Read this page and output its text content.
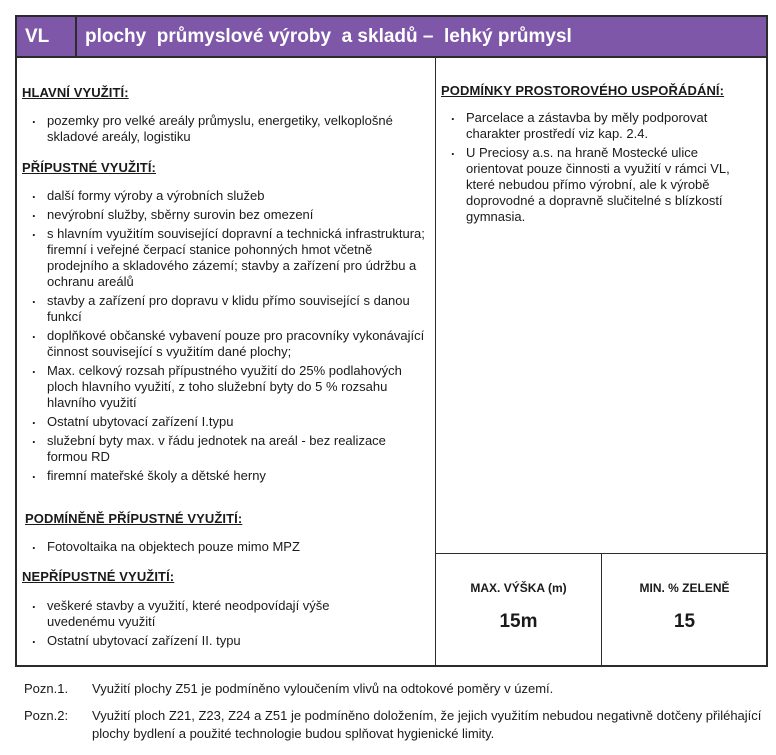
VL	plochy  průmyslové výroby  a skladů –  lehký průmysl
HLAVNÍ VYUŽITÍ:
. pozemky pro velké areály průmyslu, energetiky, velkoplošné skladové areály, logistiku
PŘÍPUSTNÉ VYUŽITÍ:
. další formy výroby a výrobních služeb
. nevýrobní služby, sběrny surovin bez omezení
. s hlavním využitím související dopravní a technická infrastruktura; firemní i veřejné čerpací stanice pohonných hmot včetně prodejního a skladového zázemí; stavby a zařízení pro údržbu a ochranu areálů
. stavby a zařízení pro dopravu v klidu přímo související s danou funkcí
. doplňkové občanské vybavení pouze pro pracovníky vykonávající činnost související s využitím dané plochy;
. Max. celkový rozsah přípustného využití do 25% podlahových ploch hlavního využití, z toho služební byty do 5 % rozsahu hlavního využití
. Ostatní ubytovací zařízení I.typu
. služební byty max. v řádu jednotek na areál - bez realizace formou RD
. firemní mateřské školy a dětské herny
PODMÍNĚNĚ PŘÍPUSTNÉ VYUŽITÍ:
. Fotovoltaika na objektech pouze mimo MPZ
NEPŘÍPUSTNÉ VYUŽITÍ:
. veškeré stavby a využití, které neodpovídají výše uvedenému využití
. Ostatní ubytovací zařízení II. typu
PODMÍNKY PROSTOROVÉHO USPOŘÁDÁNÍ:
. Parcelace a zástavba by měly podporovat charakter prostředí viz kap. 2.4.
. U Preciosy a.s. na hraně Mostecké ulice orientovat pouze činnosti a využití v rámci VL, které nebudou přímo výrobní, ale k výrobě doprovodné a dopravně slučitelné s blízkostí gymnasia.
MAX. VÝŠKA (m)
15m
MIN. % ZELENĚ
15
Pozn.1. Využití plochy Z51 je podmíněno vyloučením vlivů na odtokové poměry v území.
Pozn.2: Využití ploch Z21, Z23, Z24 a Z51 je podmíněno doložením, že jejich využitím nebudou negativně dotčeny přiléhající plochy bydlení a použité technologie budou splňovat hygienické limity.
